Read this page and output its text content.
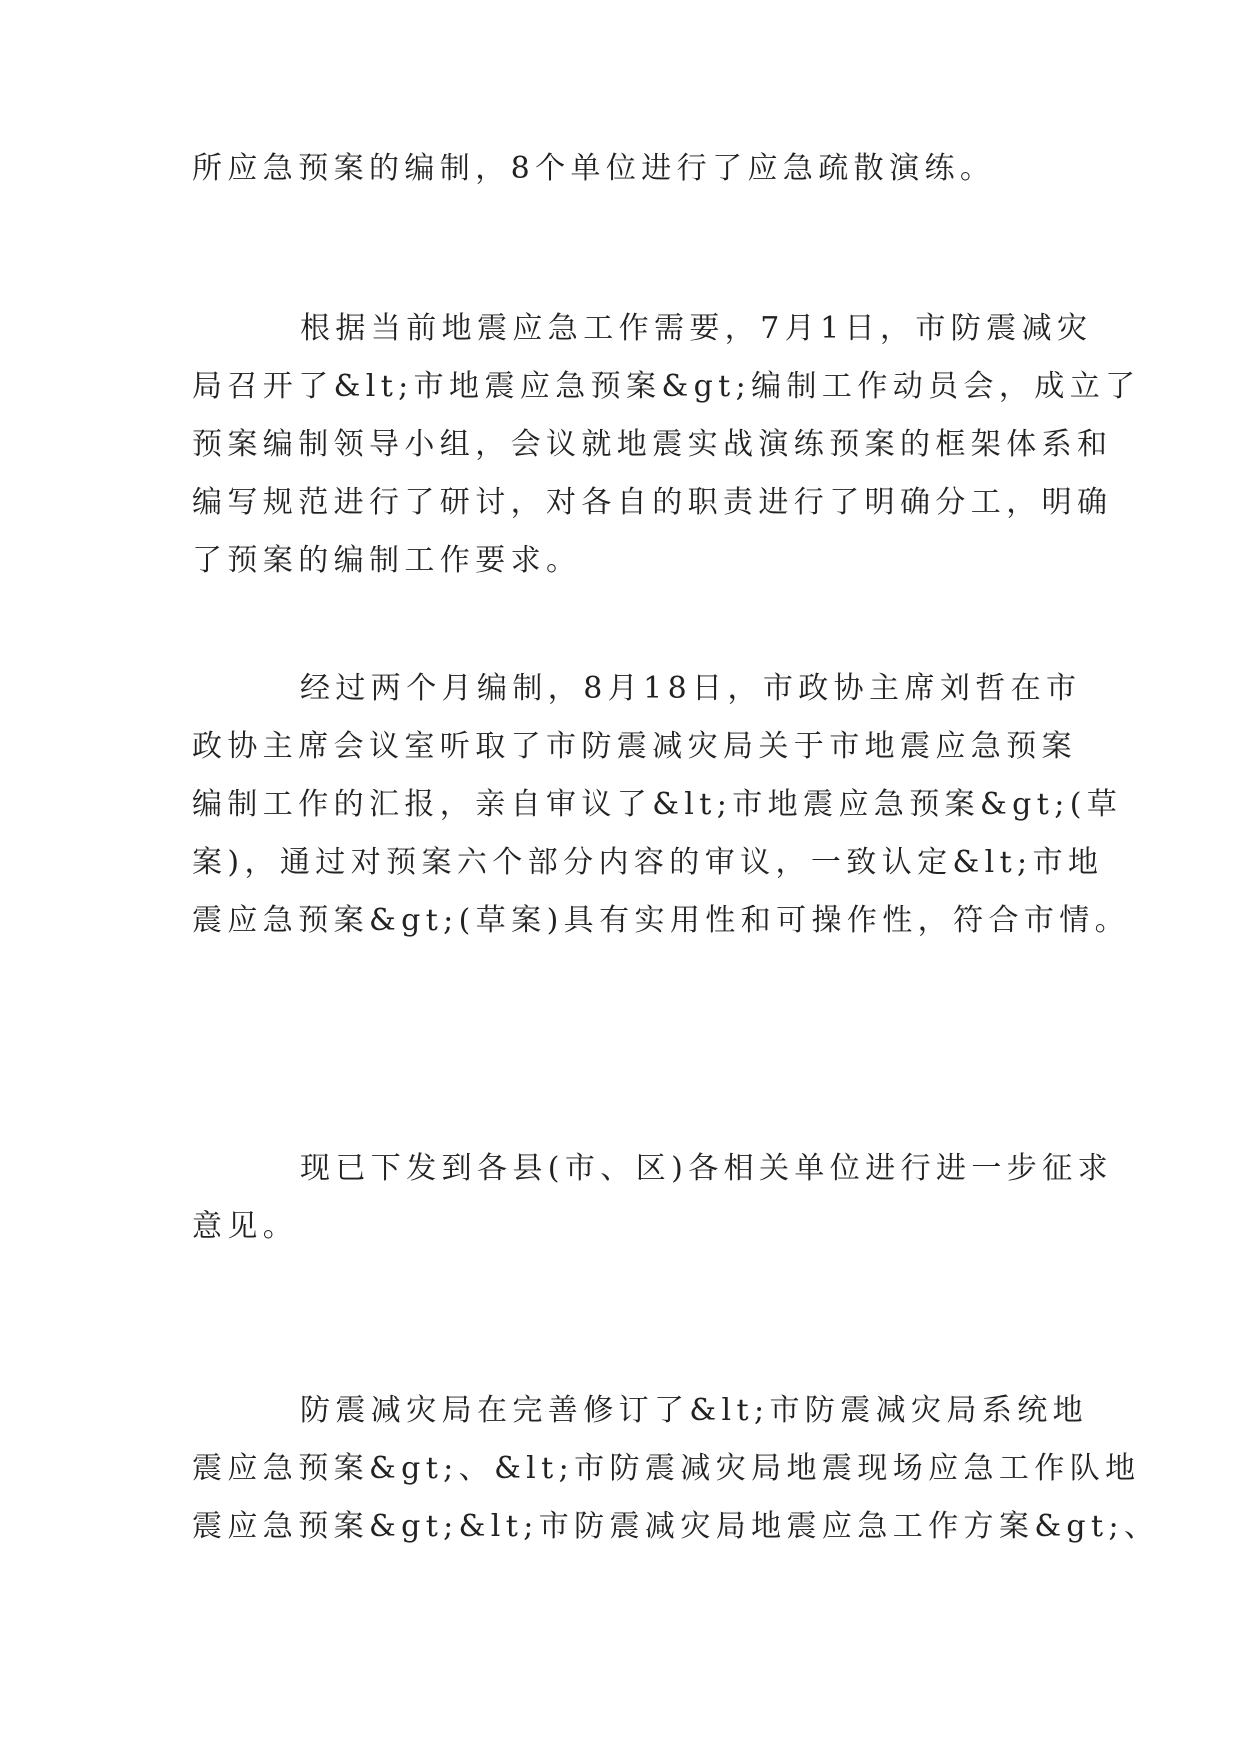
所应急预案的编制，8个单位进行了应急疏散演练。
根据当前地震应急工作需要，7月1日，市防震减灾
局召开了&lt;市地震应急预案&gt;编制工作动员会，成立了
预案编制领导小组，会议就地震实战演练预案的框架体系和
编写规范进行了研讨，对各自的职责进行了明确分工，明确
了预案的编制工作要求。
经过两个月编制，8月18日，市政协主席刘哲在市
政协主席会议室听取了市防震减灾局关于市地震应急预案
编制工作的汇报，亲自审议了&lt;市地震应急预案&gt;(草
案)，通过对预案六个部分内容的审议，一致认定&lt;市地
震应急预案&gt;(草案)具有实用性和可操作性，符合市情。
现已下发到各县(市、区)各相关单位进行进一步征求
意见。
防震减灾局在完善修订了&lt;市防震减灾局系统地
震应急预案&gt;、&lt;市防震减灾局地震现场应急工作队地
震应急预案&gt;&lt;市防震减灾局地震应急工作方案&gt;、
